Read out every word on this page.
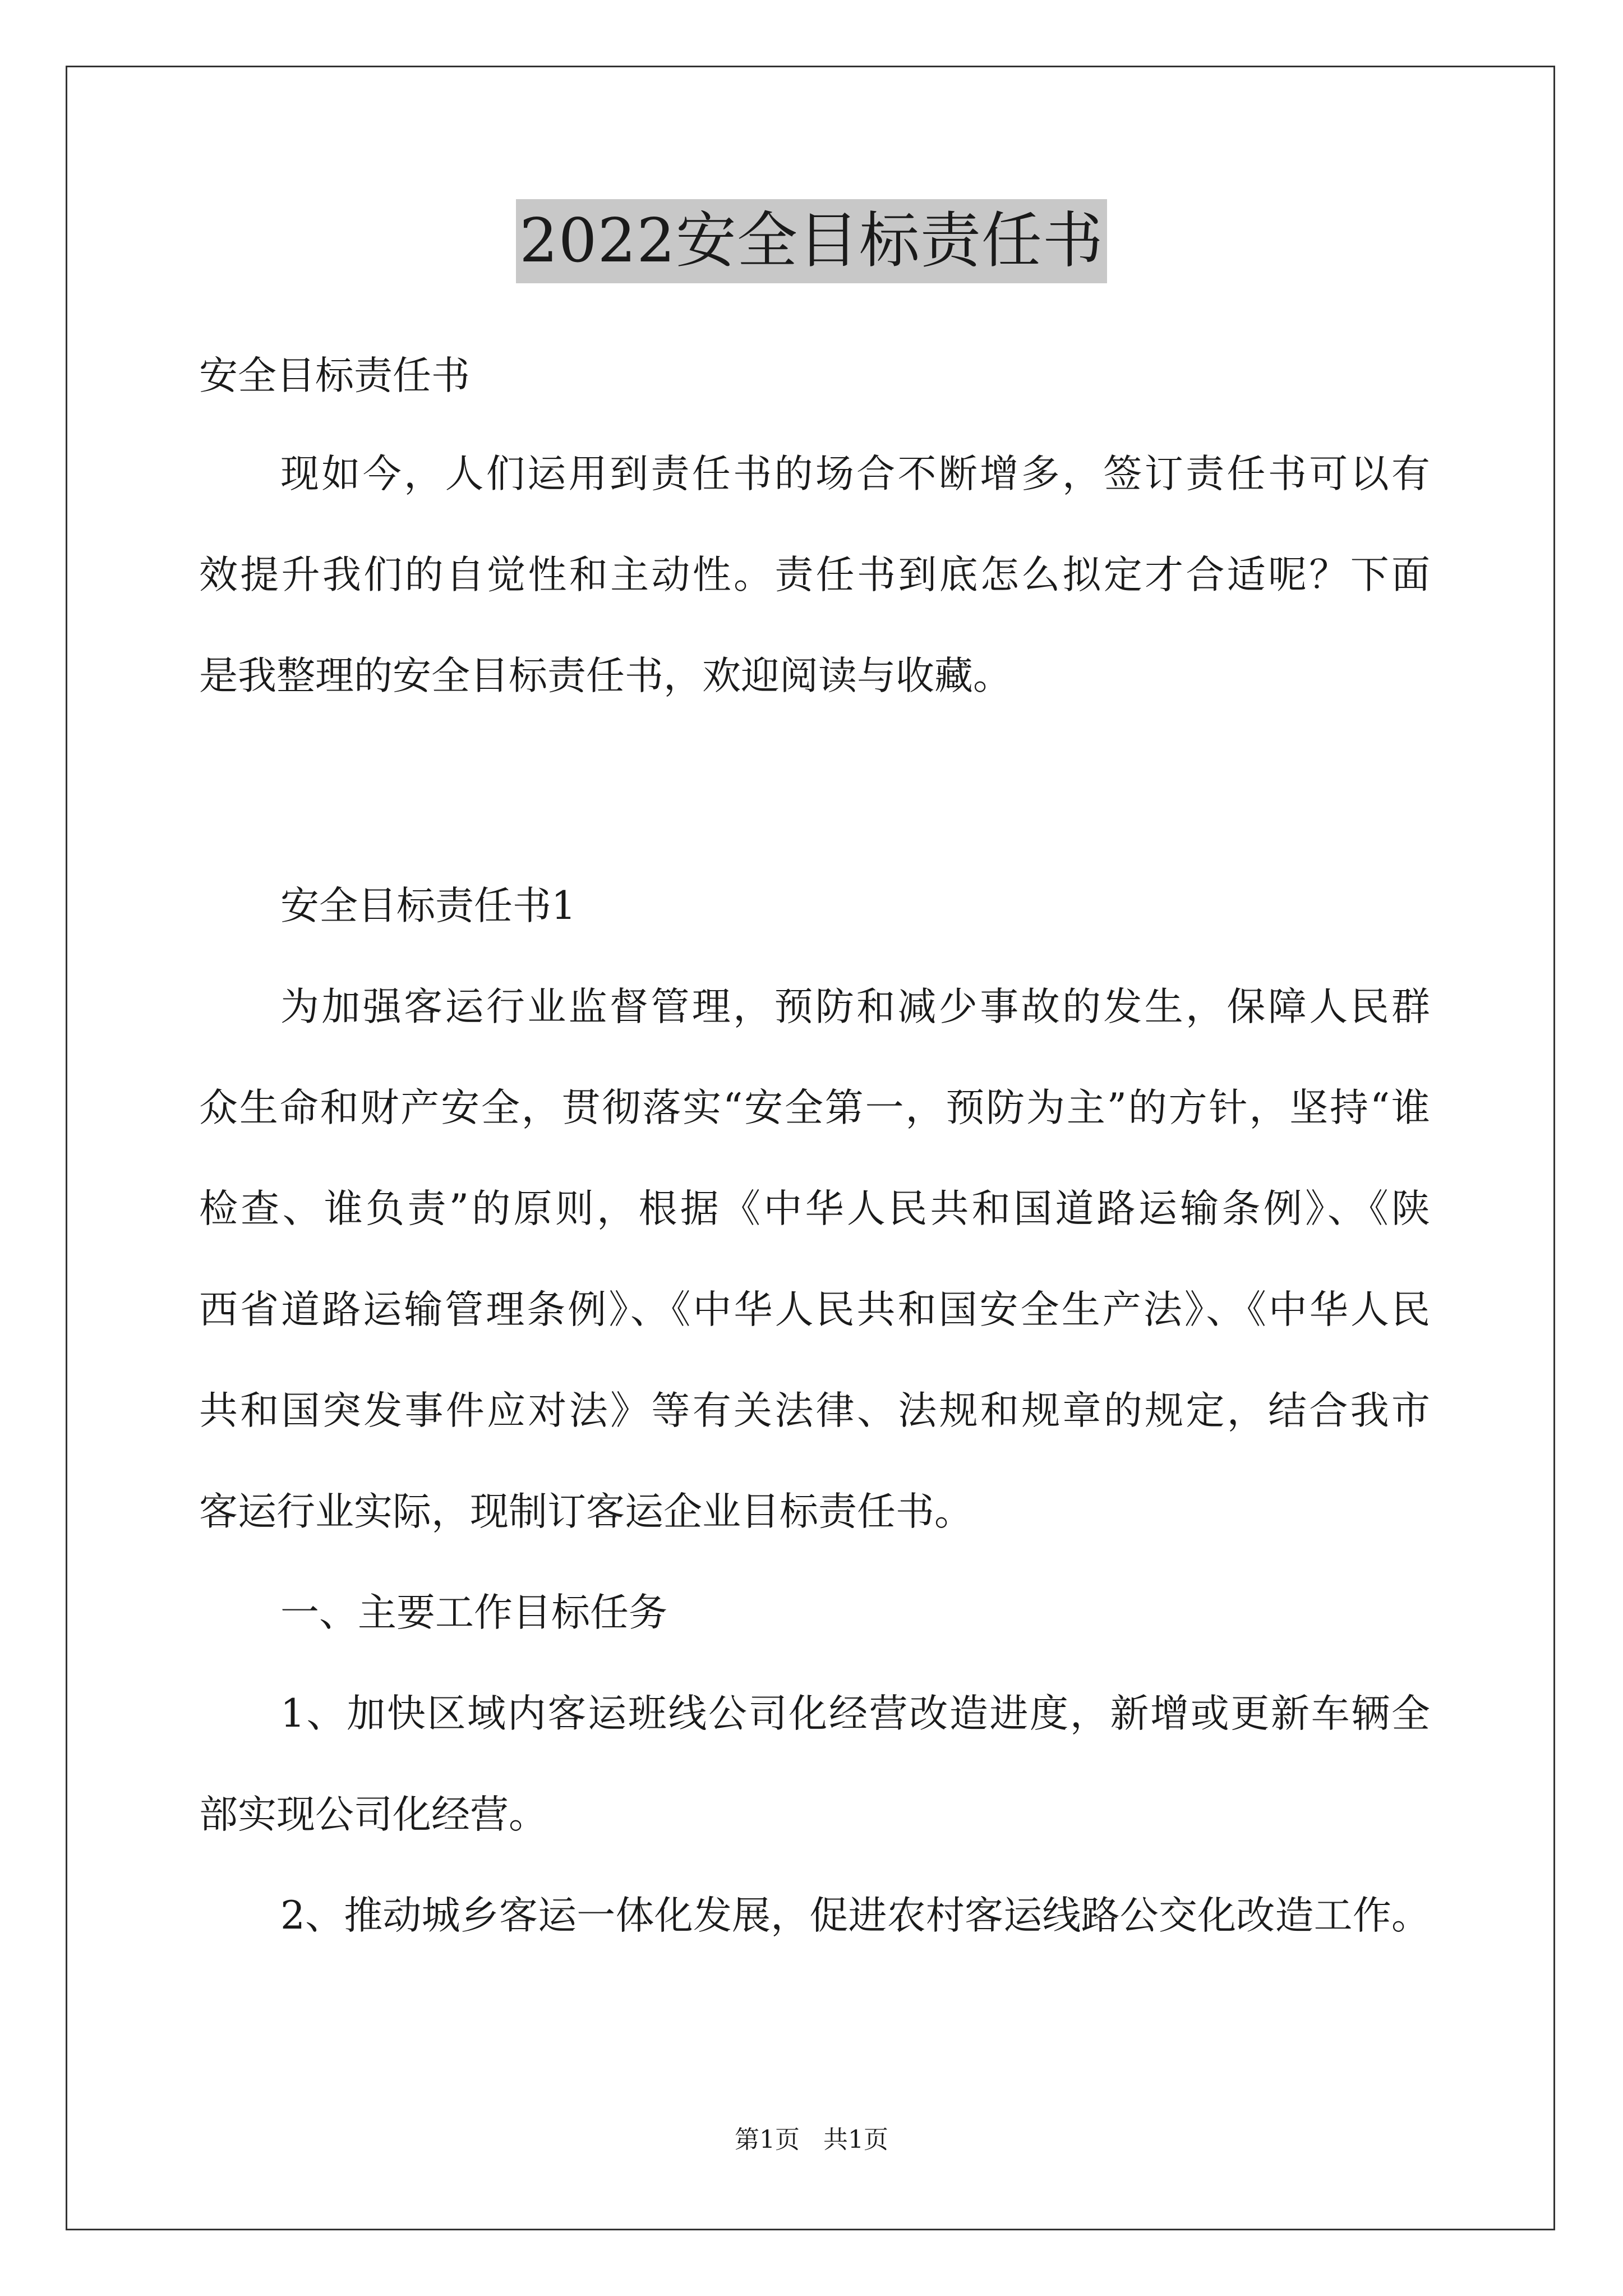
2022安全目标责任书
安全目标责任书
现如今，人们运用到责任书的场合不断增多，签订责任书可以有
效提升我们的自觉性和主动性。责任书到底怎么拟定才合适呢？下面
是我整理的安全目标责任书，欢迎阅读与收藏。
安全目标责任书1
为加强客运行业监督管理，预防和减少事故的发生，保障人民群
众生命和财产安全，贯彻落实“安全第一，预防为主”的方针，坚持“谁
检查、谁负责”的原则，根据《中华人民共和国道路运输条例》、《陕
西省道路运输管理条例》、《中华人民共和国安全生产法》、《中华人民
共和国突发事件应对法》等有关法律、法规和规章的规定，结合我市
客运行业实际，现制订客运企业目标责任书。
一、主要工作目标任务
1、加快区域内客运班线公司化经营改造进度，新增或更新车辆全
部实现公司化经营。
2、推动城乡客运一体化发展，促进农村客运线路公交化改造工作。
第1页   共1页
